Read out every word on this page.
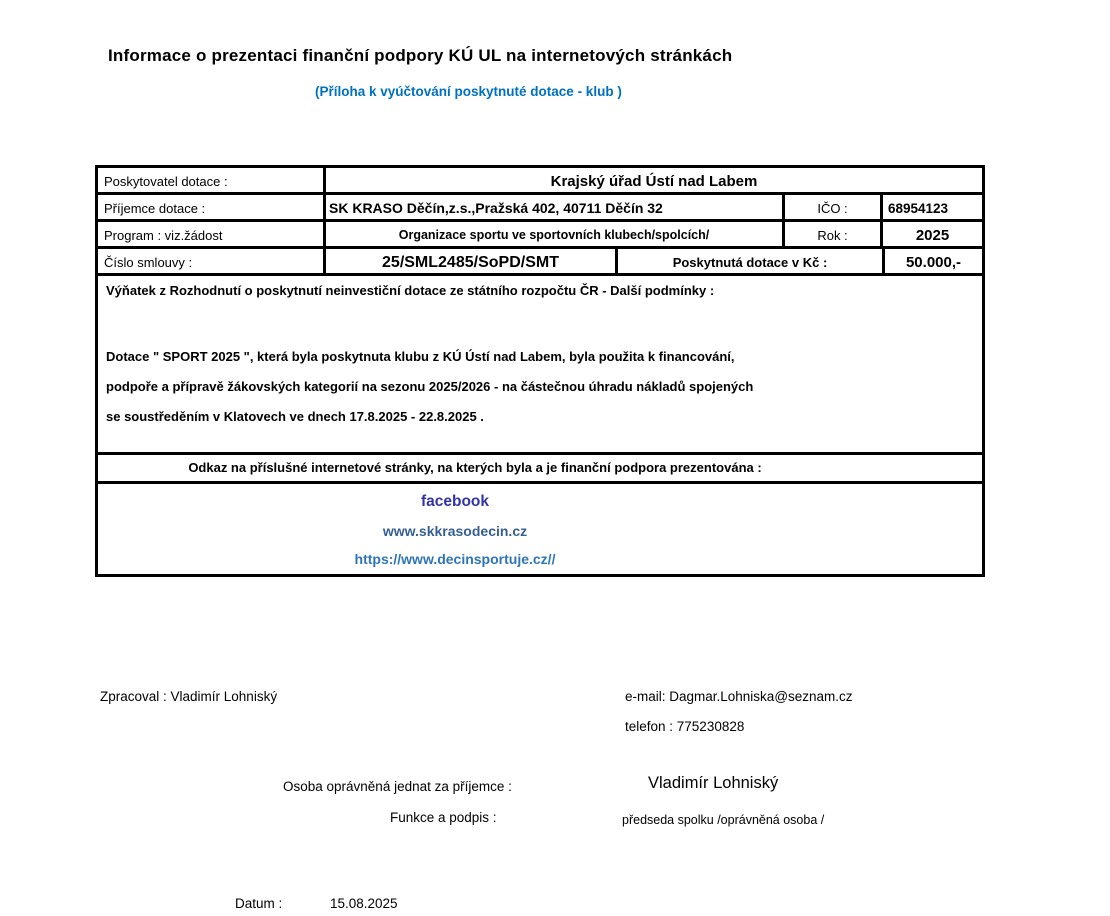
Informace o prezentaci finanční podpory KÚ UL na internetových stránkách
(Příloha k vyúčtování poskytnuté dotace - klub )
Poskytovatel dotace :	Krajský úřad Ústí nad Labem
Příjemce dotace :	SK KRASO Děčín,z.s.,Pražská 402, 40711 Děčín 32	IČO :	68954123
Program : viz.žádost	Organizace sportu ve sportovních klubech/spolcích/	Rok :	2025
Číslo smlouvy :	25/SML2485/SoPD/SMT	Poskytnutá dotace v Kč :	50.000,-
Výňatek z Rozhodnutí o poskytnutí neinvestiční dotace ze státního rozpočtu ČR - Další podmínky :
Dotace " SPORT 2025 ", která byla poskytnuta klubu z KÚ Ústí nad Labem, byla použita k financování,
podpoře a přípravě žákovských kategorií na sezonu 2025/2026 - na částečnou úhradu nákladů spojených
se soustředěním v Klatovech ve dnech 17.8.2025 - 22.8.2025 .
Odkaz na příslušné internetové stránky, na kterých byla a je finanční podpora prezentována :
facebook
www.skkrasodecin.cz
https://www.decinsportuje.cz//
Zpracoval : Vladimír Lohniský	e-mail: Dagmar.Lohniska@seznam.cz
telefon : 775230828
Osoba oprávněná jednat za příjemce :	Vladimír Lohniský
Funkce a podpis :	předseda spolku /oprávněná osoba /
Datum :	15.08.2025
